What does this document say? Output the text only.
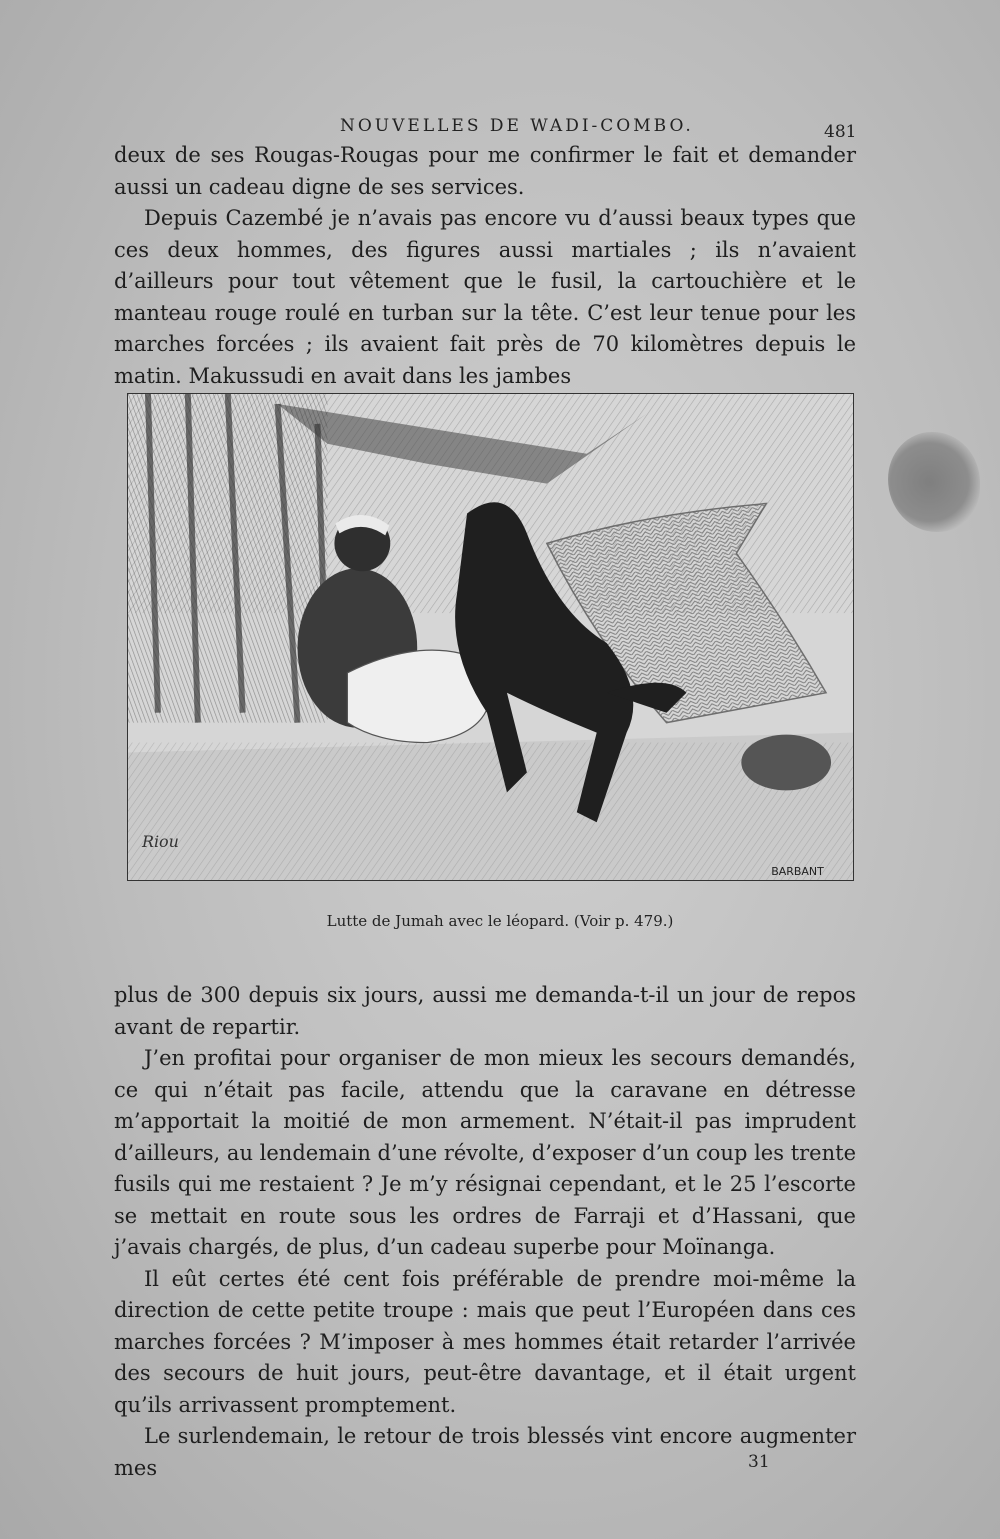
NOUVELLES DE WADI-COMBO.	481

deux de ses Rougas-Rougas pour me confirmer le fait et demander aussi un cadeau digne de ses services.

Depuis Cazembé je n’avais pas encore vu d’aussi beaux types que ces deux hommes, des figures aussi martiales ; ils n’avaient d’ailleurs pour tout vêtement que le fusil, la cartouchière et le manteau rouge roulé en turban sur la tête. C’est leur tenue pour les marches forcées ; ils avaient fait près de 70 kilomètres depuis le matin. Makussudi en avait dans les jambes

BARBANT
Riou
Lutte de Jumah avec le léopard. (Voir p. 479.)

plus de 300 depuis six jours, aussi me demanda-t-il un jour de repos avant de repartir.

J’en profitai pour organiser de mon mieux les secours demandés, ce qui n’était pas facile, attendu que la caravane en détresse m’apportait la moitié de mon armement. N’était-il pas imprudent d’ailleurs, au lendemain d’une révolte, d’exposer d’un coup les trente fusils qui me restaient ? Je m’y résignai cependant, et le 25 l’escorte se mettait en route sous les ordres de Farraji et d’Hassani, que j’avais chargés, de plus, d’un cadeau superbe pour Moïnanga.

Il eût certes été cent fois préférable de prendre moi-même la direction de cette petite troupe : mais que peut l’Européen dans ces marches forcées ? M’imposer à mes hommes était retarder l’arrivée des secours de huit jours, peut-être davantage, et il était urgent qu’ils arrivassent promptement.

Le surlendemain, le retour de trois blessés vint encore augmenter mes	31
